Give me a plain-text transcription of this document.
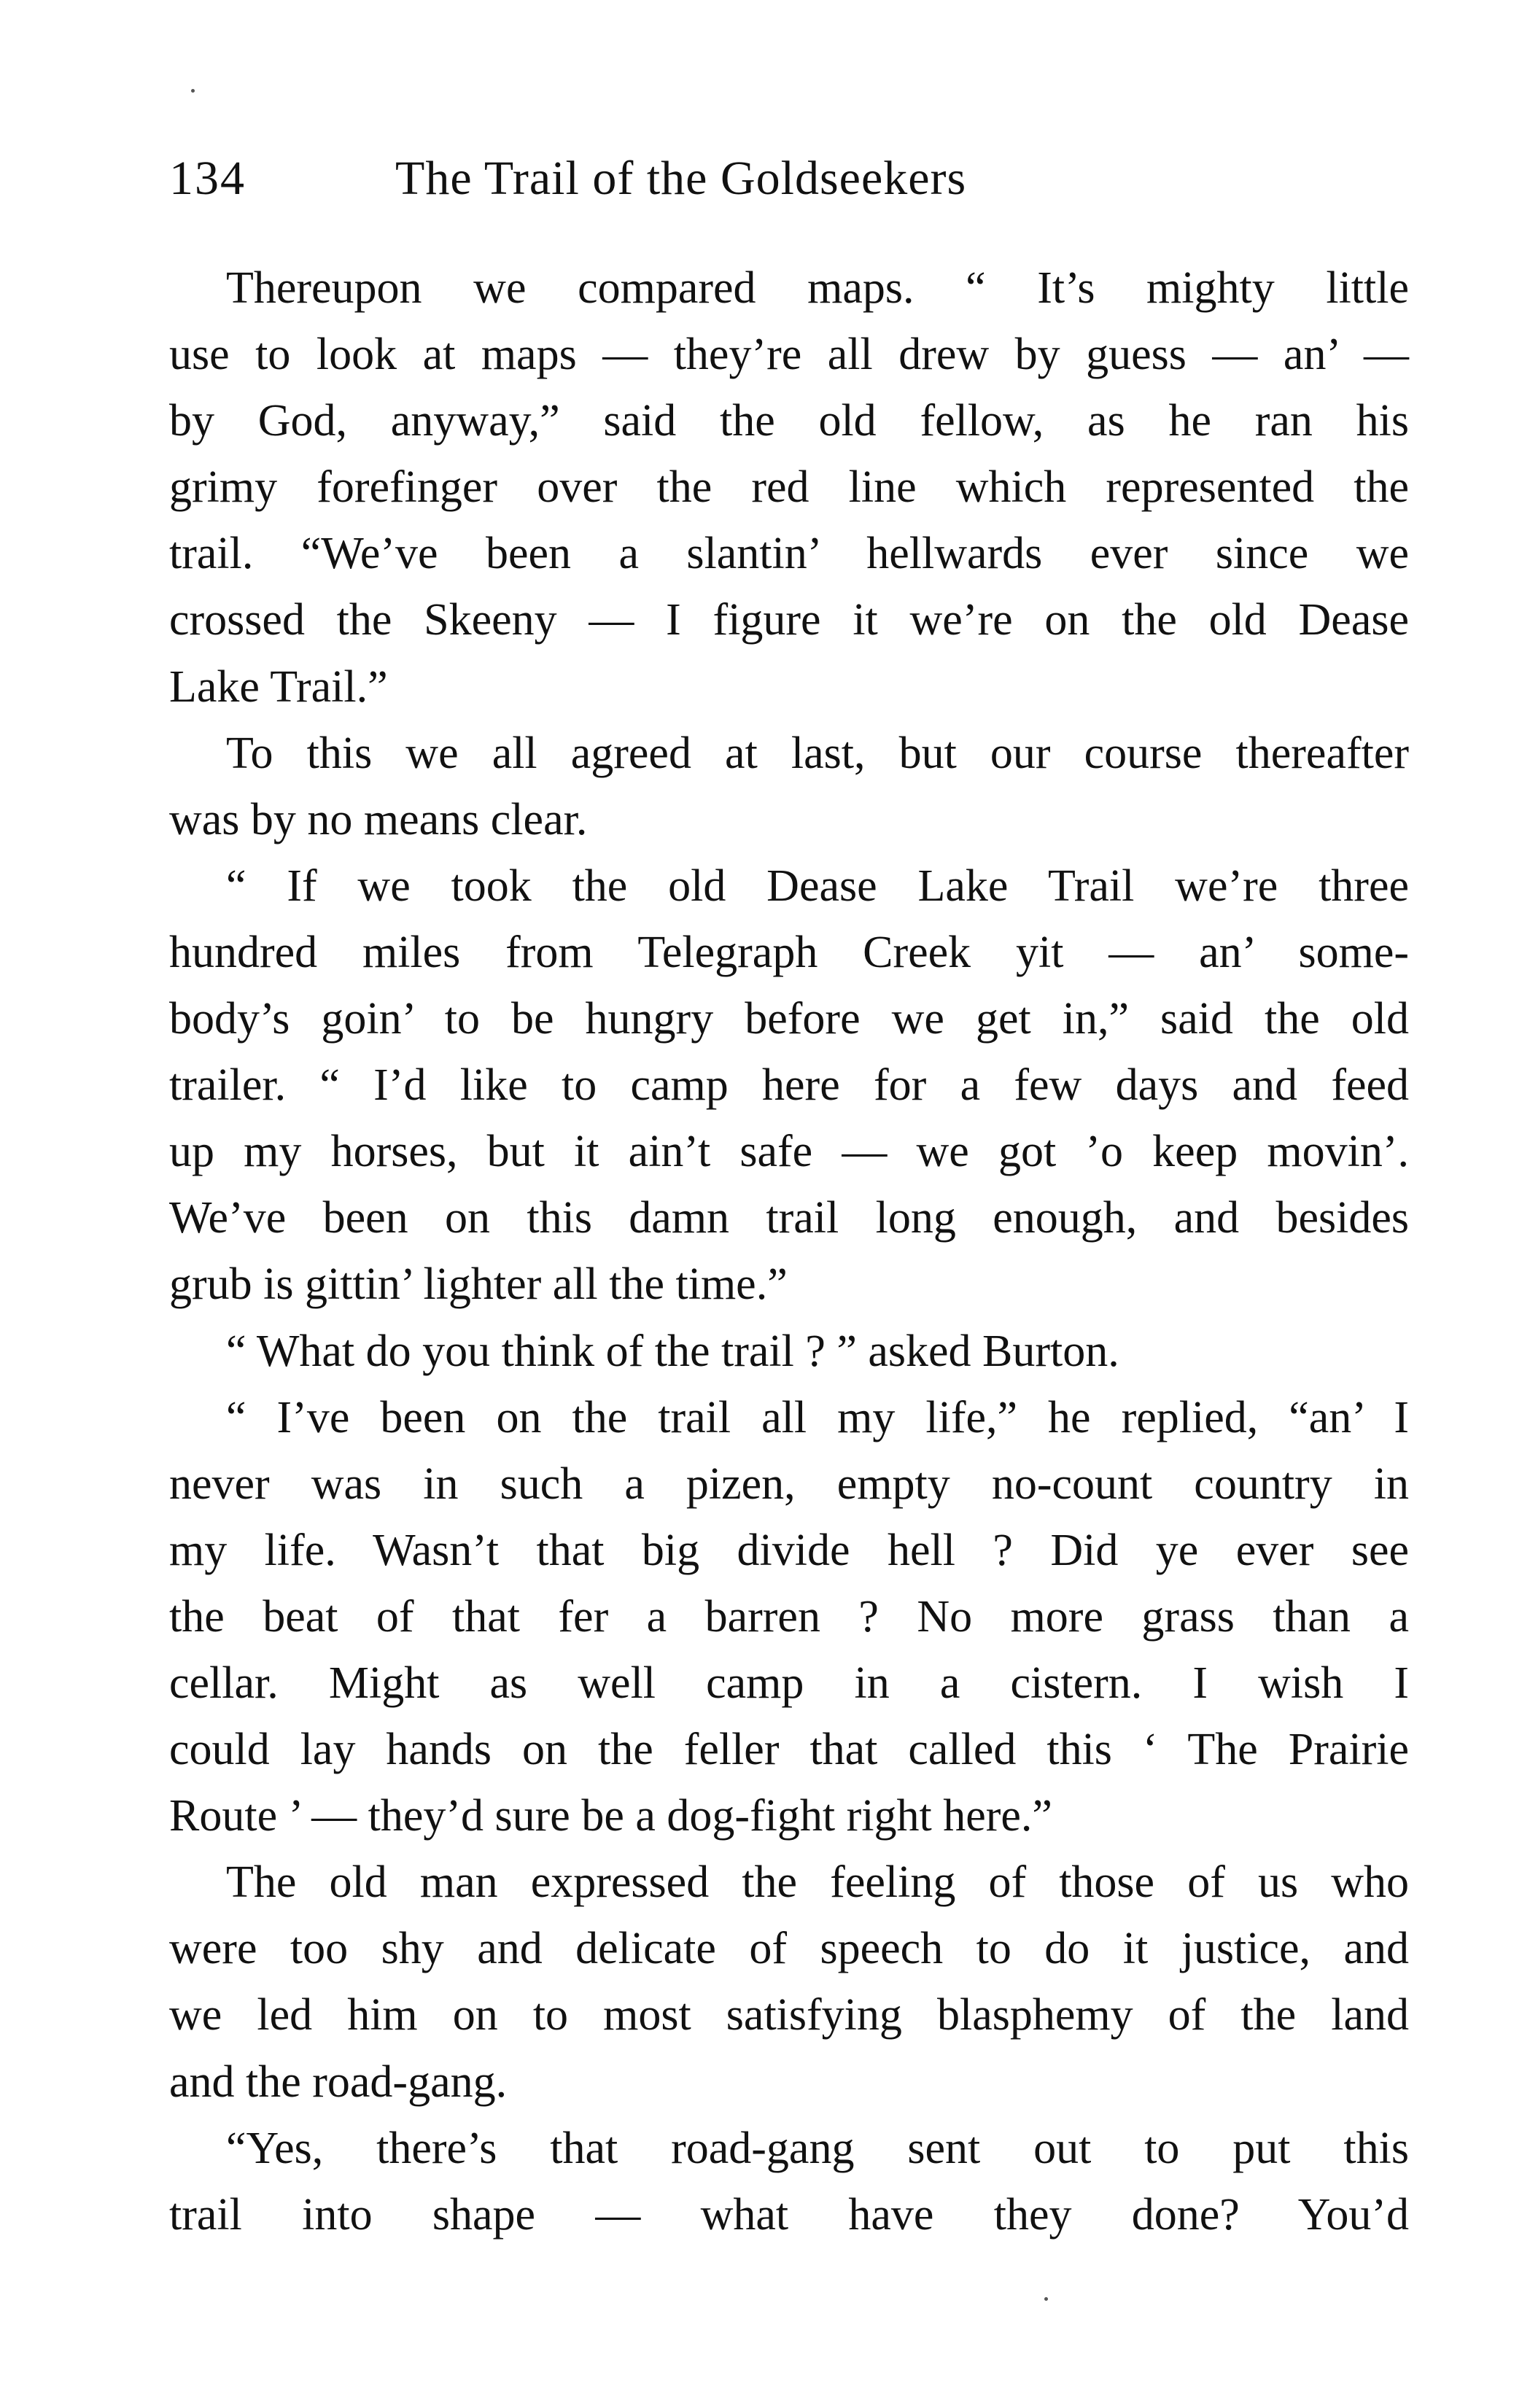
134	The Trail of the Goldseekers
Thereupon we compared maps. “ It’s mighty little
use to look at maps — they’re all drew by guess — an’ —
by God, anyway,” said the old fellow, as he ran his
grimy forefinger over the red line which represented the
trail. “We’ve been a slantin’ hellwards ever since we
crossed the Skeeny — I figure it we’re on the old Dease
Lake Trail.”
To this we all agreed at last, but our course thereafter
was by no means clear.
“ If we took the old Dease Lake Trail we’re three
hundred miles from Telegraph Creek yit — an’ some-
body’s goin’ to be hungry before we get in,” said the old
trailer. “ I’d like to camp here for a few days and feed
up my horses, but it ain’t safe — we got ’o keep movin’.
We’ve been on this damn trail long enough, and besides
grub is gittin’ lighter all the time.”
“ What do you think of the trail ? ” asked Burton.
“ I’ve been on the trail all my life,” he replied, “an’ I
never was in such a pizen, empty no-count country in
my life. Wasn’t that big divide hell ? Did ye ever see
the beat of that fer a barren ? No more grass than a
cellar. Might as well camp in a cistern. I wish I
could lay hands on the feller that called this ‘ The Prairie
Route ’ — they’d sure be a dog-fight right here.”
The old man expressed the feeling of those of us who
were too shy and delicate of speech to do it justice, and
we led him on to most satisfying blasphemy of the land
and the road-gang.
“Yes, there’s that road-gang sent out to put this
trail into shape — what have they done? You’d
